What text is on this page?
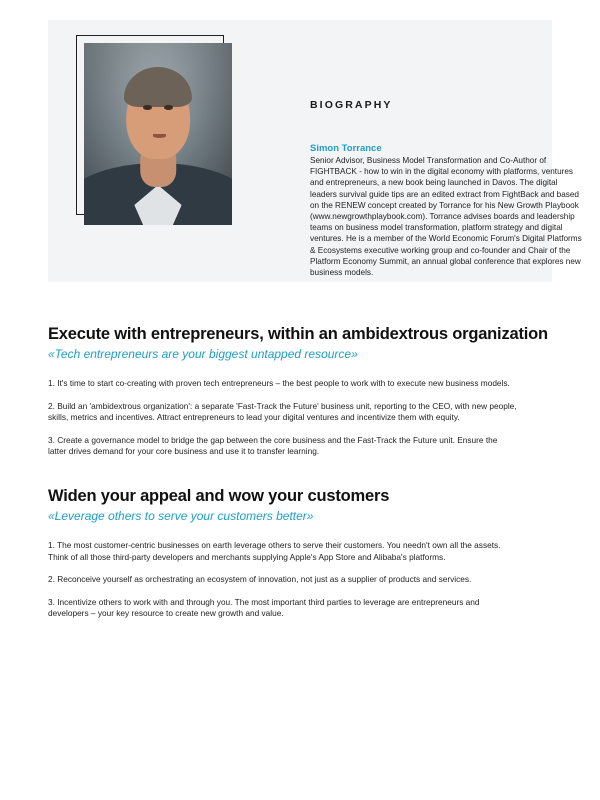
BIOGRAPHY
Simon Torrance
Senior Advisor, Business Model Transformation and Co-Author of FIGHTBACK - how to win in the digital economy with platforms, ventures and entrepreneurs, a new book being launched in Davos. The digital leaders survival guide tips are an edited extract from FightBack and based on the RENEW concept created by Torrance for his New Growth Playbook (www.newgrowthplaybook.com). Torrance advises boards and leadership teams on business model transformation, platform strategy and digital ventures. He is a member of the World Economic Forum's Digital Platforms & Ecosystems executive working group and co-founder and Chair of the Platform Economy Summit, an annual global conference that explores new business models.
Execute with entrepreneurs, within an ambidextrous organization
«Tech entrepreneurs are your biggest untapped resource»

1. It's time to start co-creating with proven tech entrepreneurs – the best people to work with to execute new business models.

2. Build an 'ambidextrous organization': a separate 'Fast-Track the Future' business unit, reporting to the CEO, with new people, skills, metrics and incentives. Attract entrepreneurs to lead your digital ventures and incentivize them with equity.

3. Create a governance model to bridge the gap between the core business and the Fast-Track the Future unit. Ensure the latter drives demand for your core business and use it to transfer learning.

Widen your appeal and wow your customers
«Leverage others to serve your customers better»

1. The most customer-centric businesses on earth leverage others to serve their customers. You needn't own all the assets. Think of all those third-party developers and merchants supplying Apple's App Store and Alibaba's platforms.

2. Reconceive yourself as orchestrating an ecosystem of innovation, not just as a supplier of products and services.

3. Incentivize others to work with and through you. The most important third parties to leverage are entrepreneurs and developers – your key resource to create new growth and value.
